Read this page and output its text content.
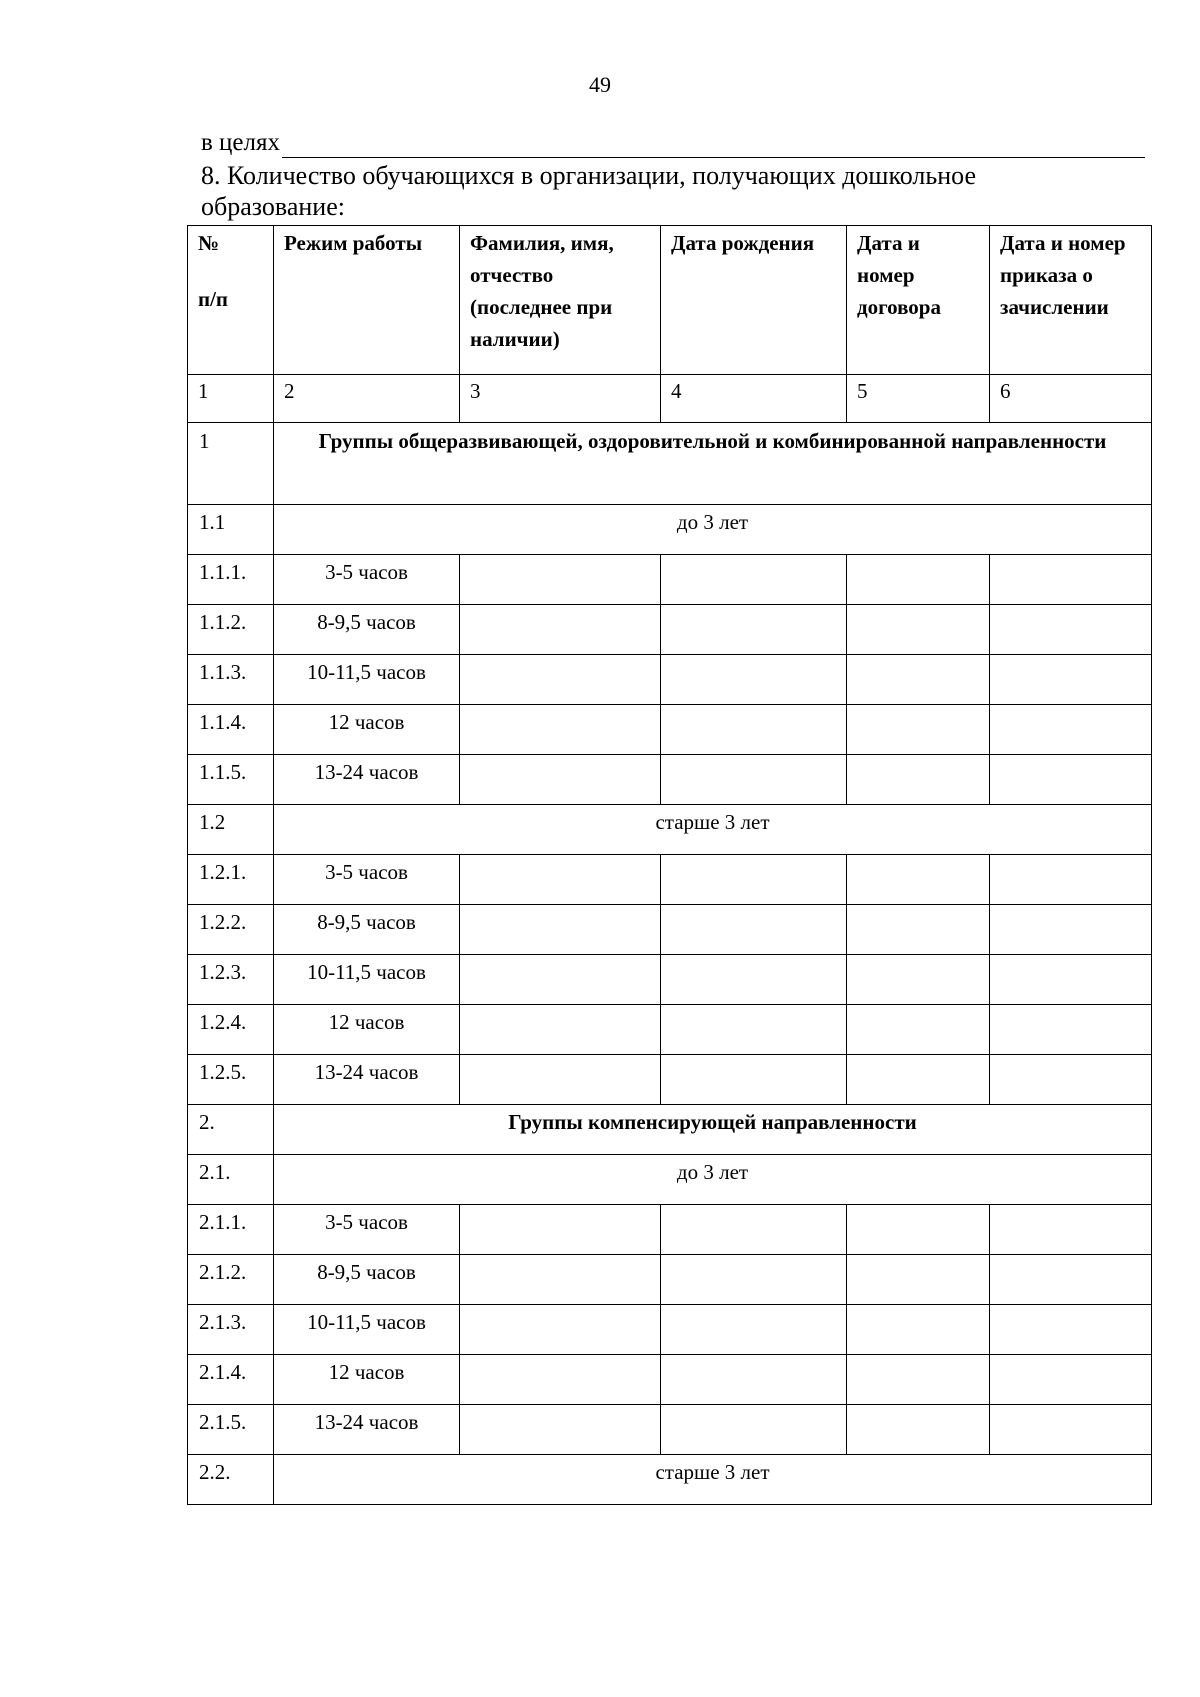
49
в целях
8. Количество обучающихся в организации, получающих дошкольное
образование:
№
п/п	Режим работы	Фамилия, имя, отчество (последнее при наличии)	Дата рождения	Дата и номер договора	Дата и номер приказа о зачислении
1	2	3	4	5	6
1	Группы общеразвивающей, оздоровительной и комбинированной направленности				
1.1	до 3 лет				
1.1.1.	3-5 часов				
1.1.2.	8-9,5 часов				
1.1.3.	10-11,5 часов				
1.1.4.	12 часов				
1.1.5.	13-24 часов				
1.2	старше 3 лет				
1.2.1.	3-5 часов				
1.2.2.	8-9,5 часов				
1.2.3.	10-11,5 часов				
1.2.4.	12 часов				
1.2.5.	13-24 часов				
2.	Группы компенсирующей направленности				
2.1.	до 3 лет				
2.1.1.	3-5 часов				
2.1.2.	8-9,5 часов				
2.1.3.	10-11,5 часов				
2.1.4.	12 часов				
2.1.5.	13-24 часов				
2.2.	старше 3 лет				
